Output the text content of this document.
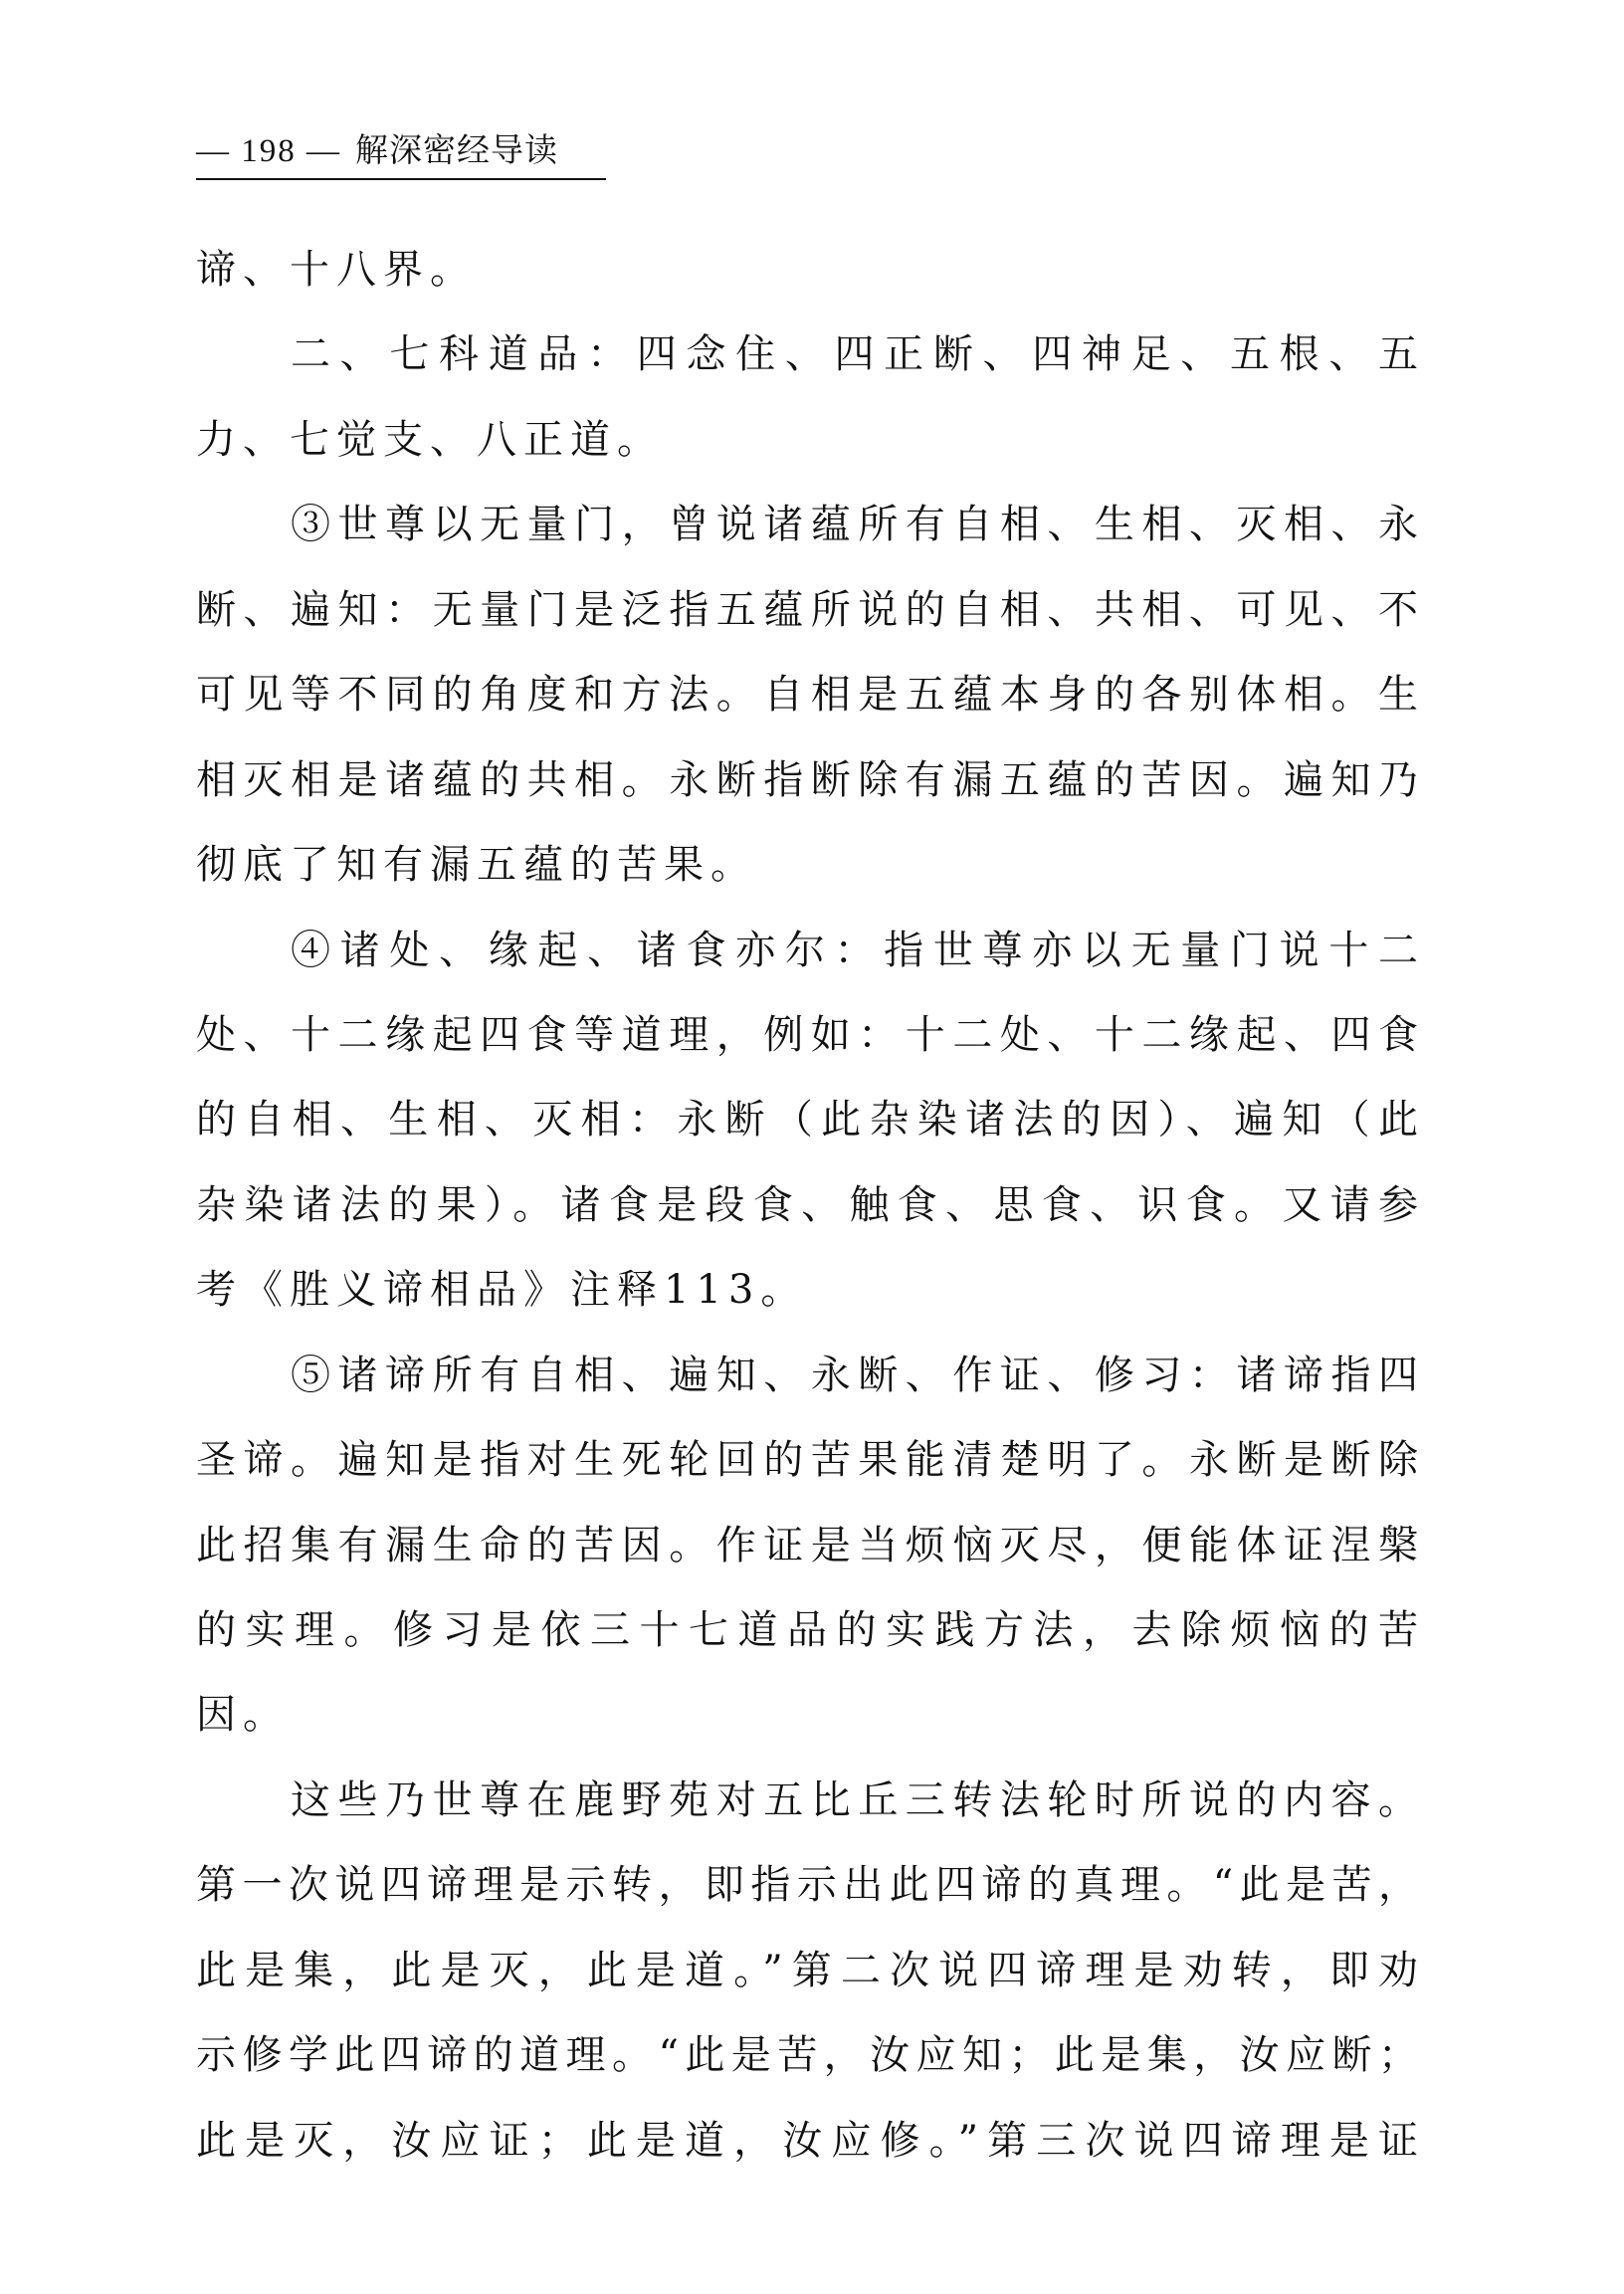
— 198 — 解深密经导读
谛、十八界。
二、七科道品：四念住、四正断、四神足、五根、五
力、七觉支、八正道。
③世尊以无量门，曾说诸蕴所有自相、生相、灭相、永
断、遍知：无量门是泛指五蕴所说的自相、共相、可见、不
可见等不同的角度和方法。自相是五蕴本身的各别体相。生
相灭相是诸蕴的共相。永断指断除有漏五蕴的苦因。遍知乃
彻底了知有漏五蕴的苦果。
④诸处、缘起、诸食亦尔：指世尊亦以无量门说十二
处、十二缘起四食等道理，例如：十二处、十二缘起、四食
的自相、生相、灭相：永断（此杂染诸法的因）、遍知（此
杂染诸法的果）。诸食是段食、触食、思食、识食。又请参
考《胜义谛相品》注释113。
⑤诸谛所有自相、遍知、永断、作证、修习：诸谛指四
圣谛。遍知是指对生死轮回的苦果能清楚明了。永断是断除
此招集有漏生命的苦因。作证是当烦恼灭尽，便能体证涅槃
的实理。修习是依三十七道品的实践方法，去除烦恼的苦
因。
这些乃世尊在鹿野苑对五比丘三转法轮时所说的内容。
第一次说四谛理是示转，即指示出此四谛的真理。“此是苦，
此是集，此是灭，此是道。”第二次说四谛理是劝转，即劝
示修学此四谛的道理。“此是苦，汝应知；此是集，汝应断；
此是灭，汝应证；此是道，汝应修。”第三次说四谛理是证
